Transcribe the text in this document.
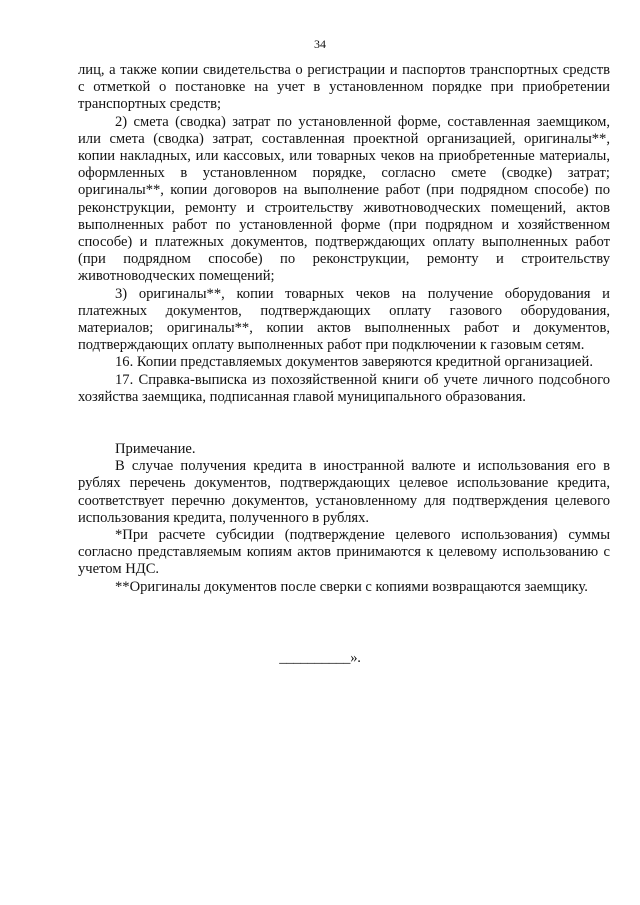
34

лиц, а также копии свидетельства о регистрации и паспортов транспортных средств с отметкой о постановке на учет в установленном порядке при приобретении транспортных средств;

2) смета (сводка) затрат по установленной форме, составленная заемщиком, или смета (сводка) затрат, составленная проектной организацией, оригиналы**, копии накладных, или кассовых, или товарных чеков на приобретенные материалы, оформленных в установленном порядке, согласно смете (сводке) затрат; оригиналы**, копии договоров на выполнение работ (при подрядном способе) по реконструкции, ремонту и строительству животноводческих помещений, актов выполненных работ по установленной форме (при подрядном и хозяйственном способе) и платежных документов, подтверждающих оплату выполненных работ (при подрядном способе) по реконструкции, ремонту и строительству животноводческих помещений;

3) оригиналы**, копии товарных чеков на получение оборудования и платежных документов, подтверждающих оплату газового оборудования, материалов; оригиналы**, копии актов выполненных работ и документов, подтверждающих оплату выполненных работ при подключении к газовым сетям.

16. Копии представляемых документов заверяются кредитной организацией.

17. Справка-выписка из похозяйственной книги об учете личного подсобного хозяйства заемщика, подписанная главой муниципального образования.

Примечание.

В случае получения кредита в иностранной валюте и использования его в рублях перечень документов, подтверждающих целевое использование кредита, соответствует перечню документов, установленному для подтверждения целевого использования кредита, полученного в рублях.

*При расчете субсидии (подтверждение целевого использования) суммы согласно представляемым копиям актов принимаются к целевому использованию с учетом НДС.

**Оригиналы документов после сверки с копиями возвращаются заемщику.

__________».
